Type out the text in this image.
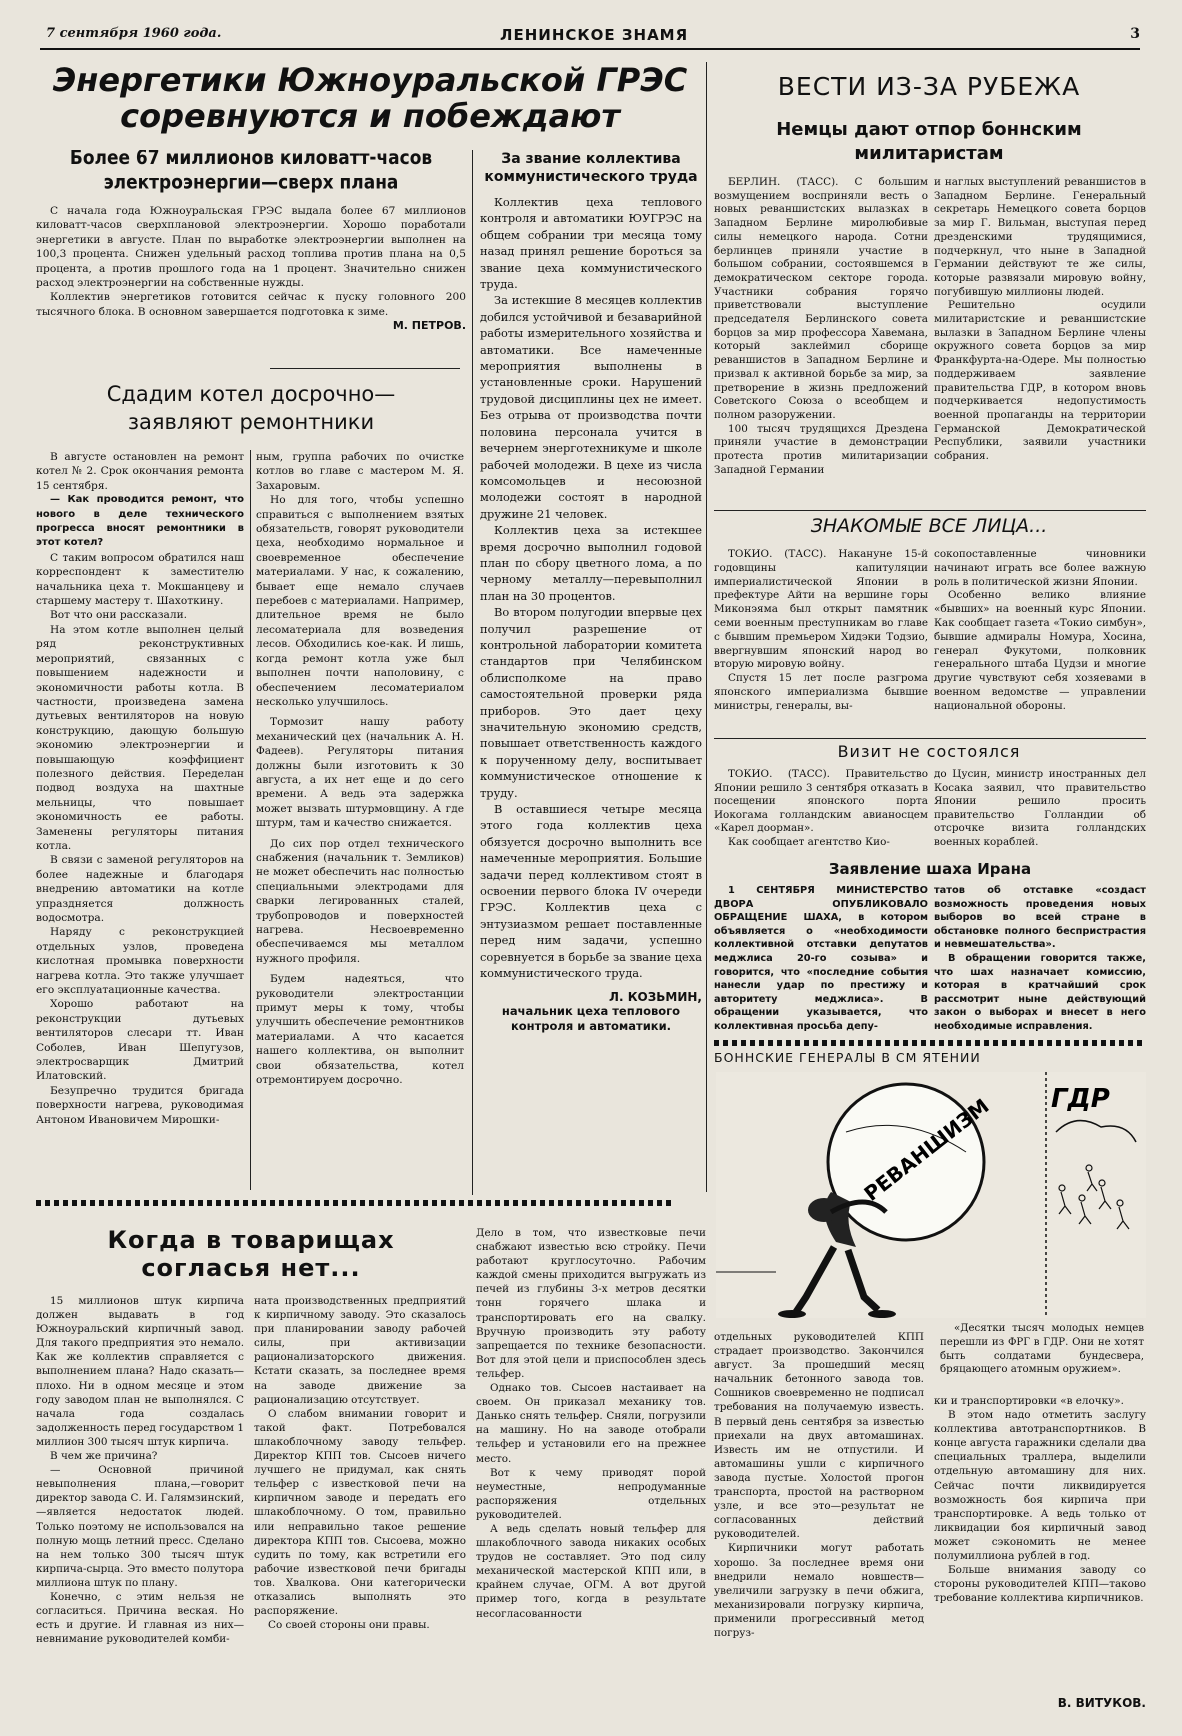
7 сентября 1960 года.	ЛЕНИНСКОЕ ЗНАМЯ	3
Энергетики Южноуральской ГРЭС
соревнуются и побеждают
Более 67 миллионов киловатт-часов
электроэнергии—сверх плана

С начала года Южноуральская ГРЭС выдала более 67 миллионов киловатт-часов сверхплановой электроэнергии. Хорошо поработали энергетики в августе. План по выработке электроэнергии выполнен на 100,3 процента. Снижен удельный расход топлива против плана на 0,5 процента, а против прошлого года на 1 процент. Значительно снижен расход электроэнергии на собственные нужды.

Коллектив энергетиков готовится сейчас к пуску головного 200 тысячного блока. В основном завершается подготовка к зиме.

М. ПЕТРОВ.
Сдадим котел досрочно—
заявляют ремонтники

В августе остановлен на ремонт котел № 2. Срок окончания ремонта 15 сентября.

— Как проводится ремонт, что нового в деле технического прогресса вносят ремонтники в этот котел?

С таким вопросом обратился наш корреспондент к заместителю начальника цеха т. Мокшанцеву и старшему мастеру т. Шахоткину.

Вот что они рассказали.

На этом котле выполнен целый ряд реконструктивных мероприятий, связанных с повышением надежности и экономичности работы котла. В частности, произведена замена дутьевых вентиляторов на новую конструкцию, дающую большую экономию электроэнергии и повышающую коэффициент полезного действия. Переделан подвод воздуха на шахтные мельницы, что повышает экономичность ее работы. Заменены регуляторы питания котла.

В связи с заменой регуляторов на более надежные и благодаря внедрению автоматики на котле упраздняется должность водосмотра.

Наряду с реконструкцией отдельных узлов, проведена кислотная промывка поверхности нагрева котла. Это также улучшает его эксплуатационные качества.

Хорошо работают на реконструкции дутьевых вентиляторов слесари тт. Иван Соболев, Иван Шепугузов, электросварщик Дмитрий Илатовский.

Безупречно трудится бригада поверхности нагрева, руководимая Антоном Ивановичем Мирошки-

ным, группа рабочих по очистке котлов во главе с мастером М. Я. Захаровым.

Но для того, чтобы успешно справиться с выполнением взятых обязательств, говорят руководители цеха, необходимо нормальное и своевременное обеспечение материалами. У нас, к сожалению, бывает еще немало случаев перебоев с материалами. Например, длительное время не было лесоматериала для возведения лесов. Обходились кое-как. И лишь, когда ремонт котла уже был выполнен почти наполовину, с обеспечением лесоматериалом несколько улучшилось.

Тормозит нашу работу механический цех (начальник А. Н. Фадеев). Регуляторы питания должны были изготовить к 30 августа, а их нет еще и до сего времени. А ведь эта задержка может вызвать штурмовщину. А где штурм, там и качество снижается.

До сих пор отдел технического снабжения (начальник т. Земликов) не может обеспечить нас полностью специальными электродами для сварки легированных сталей, трубопроводов и поверхностей нагрева. Несвоевременно обеспечиваемся мы металлом нужного профиля.

Будем надеяться, что руководители электростанции примут меры к тому, чтобы улучшить обеспечение ремонтников материалами. А что касается нашего коллектива, он выполнит свои обязательства, котел отремонтируем досрочно.

За звание коллектива коммунистического труда

Коллектив цеха теплового контроля и автоматики ЮУГРЭС на общем собрании три месяца тому назад принял решение бороться за звание цеха коммунистического труда.

За истекшие 8 месяцев коллектив добился устойчивой и безаварийной работы измерительного хозяйства и автоматики. Все намеченные мероприятия выполнены в установленные сроки. Нарушений трудовой дисциплины цех не имеет. Без отрыва от производства почти половина персонала учится в вечернем энерготехникуме и школе рабочей молодежи. В цехе из числа комсомольцев и несоюзной молодежи состоят в народной дружине 21 человек.

Коллектив цеха за истекшее время досрочно выполнил годовой план по сбору цветного лома, а по черному металлу—перевыполнил план на 30 процентов.

Во втором полугодии впервые цех получил разрешение от контрольной лаборатории комитета стандартов при Челябинском облисполкоме на право самостоятельной проверки ряда приборов. Это дает цеху значительную экономию средств, повышает ответственность каждого к порученному делу, воспитывает коммунистическое отношение к труду.

В оставшиеся четыре месяца этого года коллектив цеха обязуется досрочно выполнить все намеченные мероприятия. Большие задачи перед коллективом стоят в освоении первого блока IV очереди ГРЭС. Коллектив цеха с энтузиазмом решает поставленные перед ним задачи, успешно соревнуется в борьбе за звание цеха коммунистического труда.

Л. КОЗЬМИН,
начальник цеха теплового контроля и автоматики.
ВЕСТИ ИЗ-ЗА РУБЕЖА
Немцы дают отпор боннским милитаристам

БЕРЛИН. (ТАСС). С большим возмущением восприняли весть о новых реваншистских вылазках в Западном Берлине миролюбивые силы немецкого народа. Сотни берлинцев приняли участие в большом собрании, состоявшемся в демократическом секторе города. Участники собрания горячо приветствовали выступление председателя Берлинского совета борцов за мир профессора Хавемана, который заклеймил сборище реваншистов в Западном Берлине и призвал к активной борьбе за мир, за претворение в жизнь предложений Советского Союза о всеобщем и полном разоружении.

100 тысяч трудящихся Дрездена приняли участие в демонстрации протеста против милитаризации Западной Германии

и наглых выступлений реваншистов в Западном Берлине. Генеральный секретарь Немецкого совета борцов за мир Г. Вильман, выступая перед дрезденскими трудящимися, подчеркнул, что ныне в Западной Германии действуют те же силы, которые развязали мировую войну, погубившую миллионы людей.

Решительно осудили милитаристские и реваншистские вылазки в Западном Берлине члены окружного совета борцов за мир Франкфурта-на-Одере. Мы полностью поддерживаем заявление правительства ГДР, в котором вновь подчеркивается недопустимость военной пропаганды на территории Германской Демократической Республики, заявили участники собрания.

ЗНАКОМЫЕ ВСЕ ЛИЦА...

ТОКИО. (ТАСС). Накануне 15-й годовщины капитуляции империалистической Японии в префектуре Айти на вершине горы Миконэяма был открыт памятник семи военным преступникам во главе с бывшим премьером Хидэки Тодзио, ввергнувшим японский народ во вторую мировую войну.

Спустя 15 лет после разгрома японского империализма бывшие министры, генералы, вы-

сокопоставленные чиновники начинают играть все более важную роль в политической жизни Японии.

Особенно велико влияние «бывших» на военный курс Японии. Как сообщает газета «Токио симбун», бывшие адмиралы Номура, Хосина, генерал Фукутоми, полковник генерального штаба Цудзи и многие другие чувствуют себя хозяевами в военном ведомстве — управлении национальной обороны.

Визит не состоялся

ТОКИО. (ТАСС). Правительство Японии решило 3 сентября отказать в посещении японского порта Иокогама голландским авианосцем «Карел доорман».

Как сообщает агентство Кио-

до Цусин, министр иностранных дел Косака заявил, что правительство Японии решило просить правительство Голландии об отсрочке визита голландских военных кораблей.

Заявление шаха Ирана

1 СЕНТЯБРЯ МИНИСТЕРСТВО ДВОРА ОПУБЛИКОВАЛО ОБРАЩЕНИЕ ШАХА, в котором объявляется о «необходимости коллективной отставки депутатов меджлиса 20-го созыва» и говорится, что «последние события нанесли удар по престижу и авторитету меджлиса». В обращении указывается, что коллективная просьба депу-

татов об отставке «создаст возможность проведения новых выборов во всей стране в обстановке полного беспристрастия и невмешательства».

В обращении говорится также, что шах назначает комиссию, которая в кратчайший срок рассмотрит ныне действующий закон о выборах и внесет в него необходимые исправления.

БОННСКИЕ ГЕНЕРАЛЫ В СМ ЯТЕНИИ
РЕВАНШИЗМ ГДР
«Десятки тысяч молодых немцев перешли из ФРГ в ГДР. Они не хотят быть солдатами бундесвера, бряцающего атомным оружием».
Когда в товарищах
согласья нет...

15 миллионов штук кирпича должен выдавать в год Южноуральский кирпичный завод. Для такого предприятия это немало. Как же коллектив справляется с выполнением плана? Надо сказать—плохо. Ни в одном месяце и этом году заводом план не выполнялся. С начала года создалась задолженность перед государством 1 миллион 300 тысяч штук кирпича.

В чем же причина?

— Основной причиной невыполнения плана,—говорит директор завода С. И. Галямзинский,—является недостаток людей. Только поэтому не использовался на полную мощь летний пресс. Сделано на нем только 300 тысяч штук кирпича-сырца. Это вместо полутора миллиона штук по плану.

Конечно, с этим нельзя не согласиться. Причина веская. Но есть и другие. И главная из них—невнимание руководителей комби-

ната производственных предприятий к кирпичному заводу. Это сказалось при планировании заводу рабочей силы, при активизации рационализаторского движения. Кстати сказать, за последнее время на заводе движение за рационализацию отсутствует.

О слабом внимании говорит и такой факт. Потребовался шлакоблочному заводу тельфер. Директор КПП тов. Сысоев ничего лучшего не придумал, как снять тельфер с известковой печи на кирпичном заводе и передать его шлакоблочному. О том, правильно или неправильно такое решение директора КПП тов. Сысоева, можно судить по тому, как встретили его рабочие известковой печи бригады тов. Хвалкова. Они категорически отказались выполнять это распоряжение.

Со своей стороны они правы.

Дело в том, что известковые печи снабжают известью всю стройку. Печи работают круглосуточно. Рабочим каждой смены приходится выгружать из печей из глубины 3-х метров десятки тонн горячего шлака и транспортировать его на свалку. Вручную производить эту работу запрещается по технике безопасности. Вот для этой цели и приспособлен здесь тельфер.

Однако тов. Сысоев настаивает на своем. Он приказал механику тов. Данько снять тельфер. Сняли, погрузили на машину. Но на заводе отобрали тельфер и установили его на прежнее место.

Вот к чему приводят порой неуместные, непродуманные распоряжения отдельных руководителей.

А ведь сделать новый тельфер для шлакоблочного завода никаких особых трудов не составляет. Это под силу механической мастерской КПП или, в крайнем случае, ОГМ. А вот другой пример того, когда в результате несогласованности

отдельных руководителей КПП страдает производство. Закончился август. За прошедший месяц начальник бетонного завода тов. Сошников своевременно не подписал требования на получаемую известь. В первый день сентября за известью приехали на двух автомашинах. Известь им не отпустили. И автомашины ушли с кирпичного завода пустые. Холостой прогон транспорта, простой на растворном узле, и все это—результат не согласованных действий руководителей.

Кирпичники могут работать хорошо. За последнее время они внедрили немало новшеств—увеличили загрузку в печи обжига, механизировали погрузку кирпича, применили прогрессивный метод погруз-

ки и транспортировки «в елочку».

В этом надо отметить заслугу коллектива автотранспортников. В конце августа гаражники сделали два специальных траллера, выделили отдельную автомашину для них. Сейчас почти ликвидируется возможность боя кирпича при транспортировке. А ведь только от ликвидации боя кирпичный завод может сэкономить не менее полумиллиона рублей в год.

Больше внимания заводу со стороны руководителей КПП—таково требование коллектива кирпичников.

В. ВИТУКОВ.
